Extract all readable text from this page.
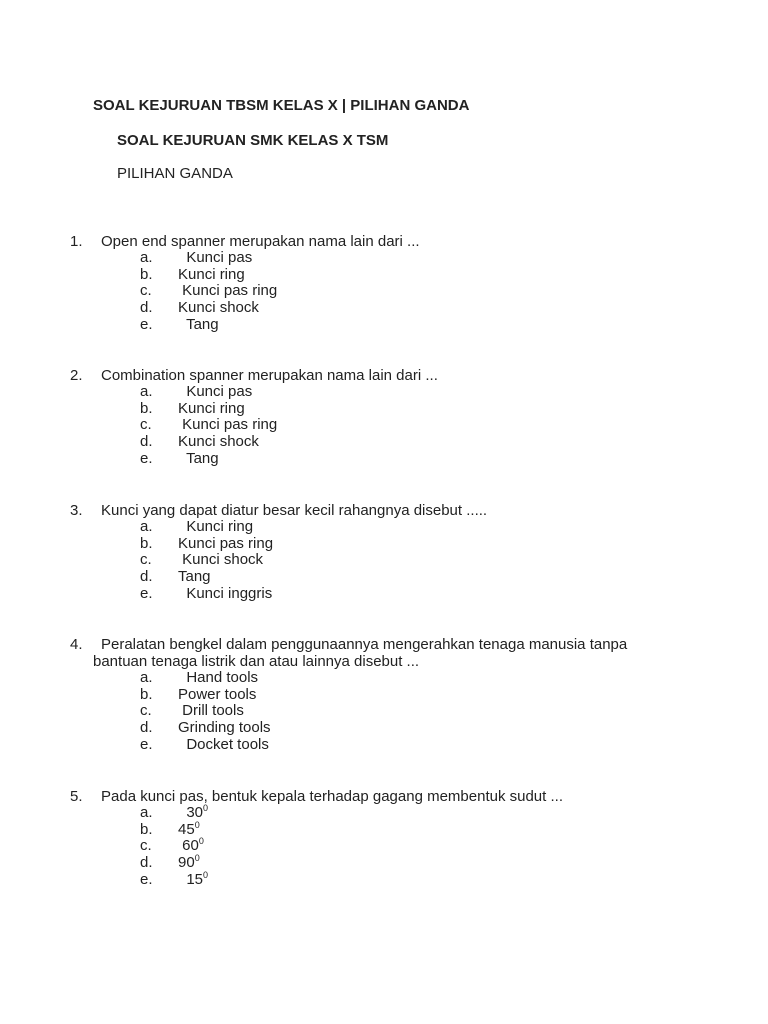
SOAL KEJURUAN TBSM KELAS X | PILIHAN GANDA
SOAL KEJURUAN SMK KELAS X TSM
PILIHAN GANDA
1.	Open end spanner merupakan nama lain dari ...
a.	Kunci pas
b.	Kunci ring
c.	Kunci pas ring
d.	Kunci shock
e.	Tang
2.	Combination spanner merupakan nama lain dari ...
a.	Kunci pas
b.	Kunci ring
c.	Kunci pas ring
d.	Kunci shock
e.	Tang
3.	Kunci yang dapat diatur besar kecil rahangnya disebut .....
a.	Kunci ring
b.	Kunci pas ring
c.	Kunci shock
d.	Tang
e.	Kunci inggris
4.	Peralatan bengkel dalam penggunaannya mengerahkan tenaga manusia tanpa
bantuan tenaga listrik dan atau lainnya disebut ...
a.	Hand tools
b.	Power tools
c.	Drill tools
d.	Grinding tools
e.	Docket tools
5.	Pada kunci pas, bentuk kepala terhadap gagang membentuk sudut ...
a.	$30^0$
b.	$45^0$
c.	$60^0$
d.	$90^0$
e.	$15^0$
